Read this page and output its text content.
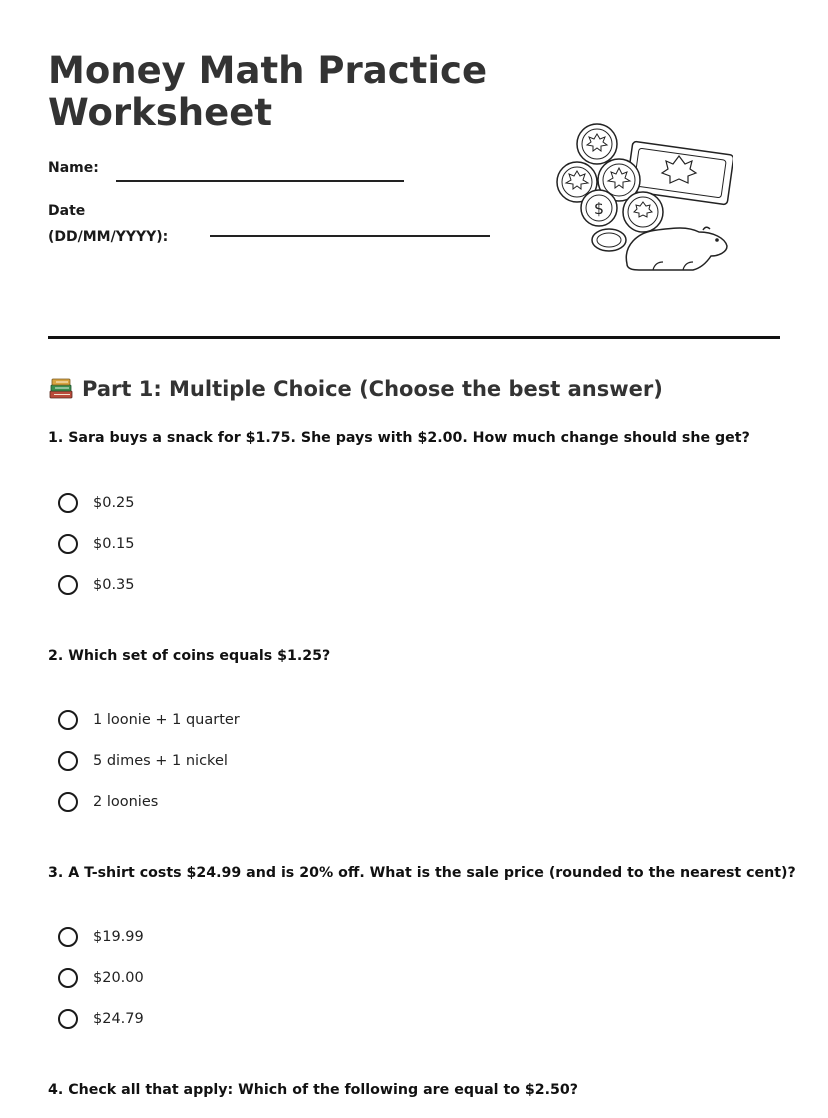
Money Math Practice
Worksheet
Name:
Date
(DD/MM/YYYY):
$
Part 1: Multiple Choice (Choose the best answer)

1. Sara buys a snack for $1.75. She pays with $2.00. How much change should she get?

$0.25
$0.15
$0.35

2. Which set of coins equals $1.25?

1 loonie + 1 quarter
5 dimes + 1 nickel
2 loonies

3. A T-shirt costs $24.99 and is 20% off. What is the sale price (rounded to the nearest cent)?

$19.99
$20.00
$24.79

4. Check all that apply: Which of the following are equal to $2.50?
